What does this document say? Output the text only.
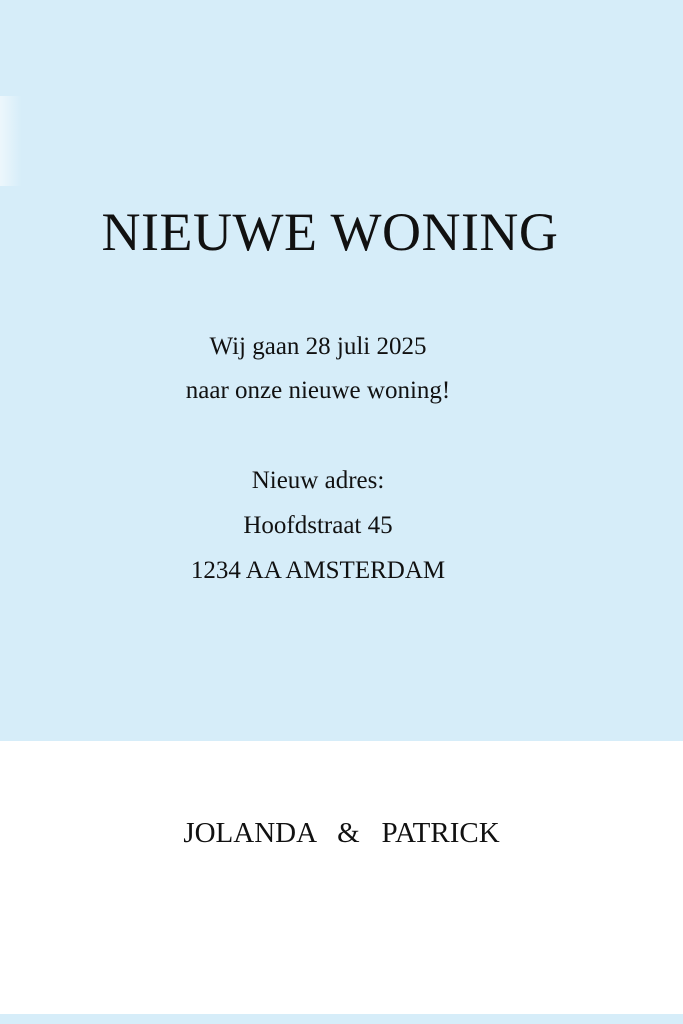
NIEUWE WONING

Wij gaan 28 juli 2025

naar onze nieuwe woning!

Nieuw adres:

Hoofdstraat 45

1234 AA AMSTERDAM

JOLANDA   &   PATRICK
